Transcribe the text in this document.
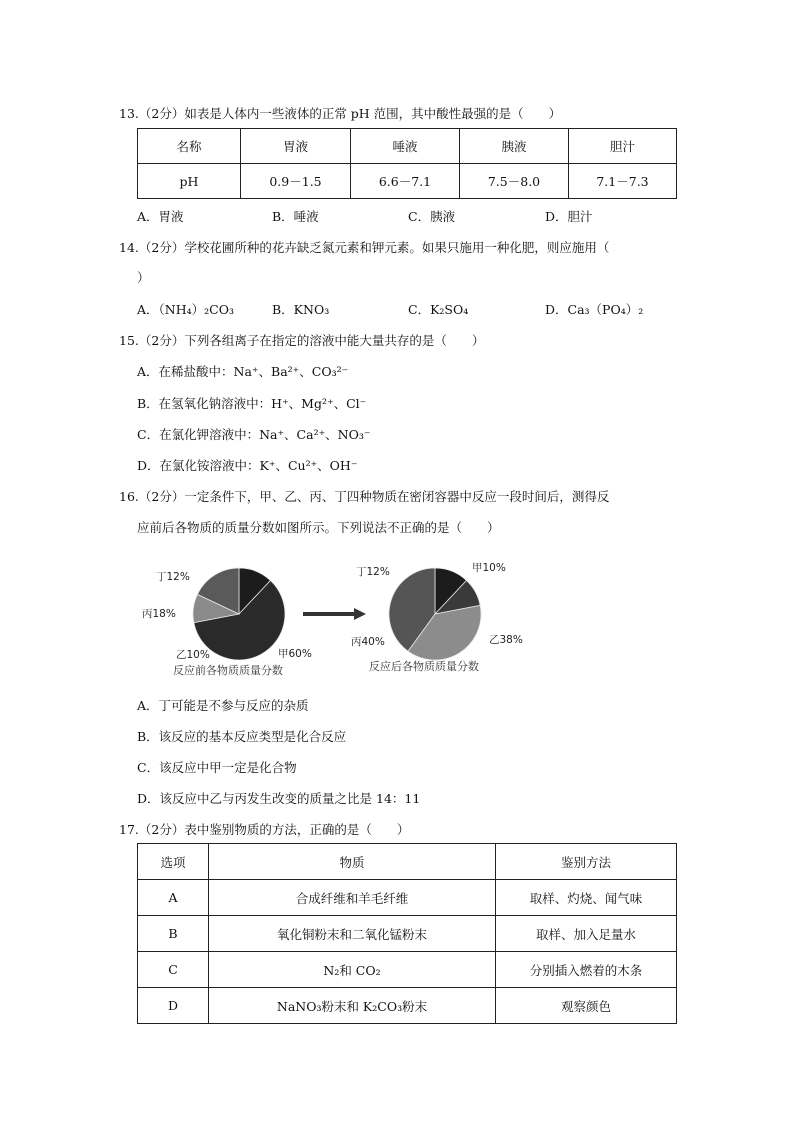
13.（2分）如表是人体内一些液体的正常 pH 范围，其中酸性最强的是（　　）
名称	胃液	唾液	胰液	胆汁
pH	0.9－1.5	6.6－7.1	7.5－8.0	7.1－7.3
A．胃液	B．唾液	C．胰液	D．胆汁
14.（2分）学校花圃所种的花卉缺乏氮元素和钾元素。如果只施用一种化肥，则应施用（
）
A．（NH₄）₂CO₃	B．KNO₃	C．K₂SO₄	D．Ca₃（PO₄）₂
15.（2分）下列各组离子在指定的溶液中能大量共存的是（　　）
A．在稀盐酸中：Na⁺、Ba²⁺、CO₃²⁻
B．在氢氧化钠溶液中：H⁺、Mg²⁺、Cl⁻
C．在氯化钾溶液中：Na⁺、Ca²⁺、NO₃⁻
D．在氯化铵溶液中：K⁺、Cu²⁺、OH⁻
16.（2分）一定条件下，甲、乙、丙、丁四种物质在密闭容器中反应一段时间后，测得反
应前后各物质的质量分数如图所示。下列说法不正确的是（　　）
丁12%
丙18%
乙10%	甲60%
反应前各物质质量分数
丁12%	甲10%
乙38%
丙40%
反应后各物质质量分数
A．丁可能是不参与反应的杂质
B．该反应的基本反应类型是化合反应
C．该反应中甲一定是化合物
D．该反应中乙与丙发生改变的质量之比是 14：11
17.（2分）表中鉴别物质的方法，正确的是（　　）
选项	物质	鉴别方法
A	合成纤维和羊毛纤维	取样、灼烧、闻气味
B	氧化铜粉末和二氧化锰粉末	取样、加入足量水
C	N₂和 CO₂	分别插入燃着的木条
D	NaNO₃粉末和 K₂CO₃粉末	观察颜色
